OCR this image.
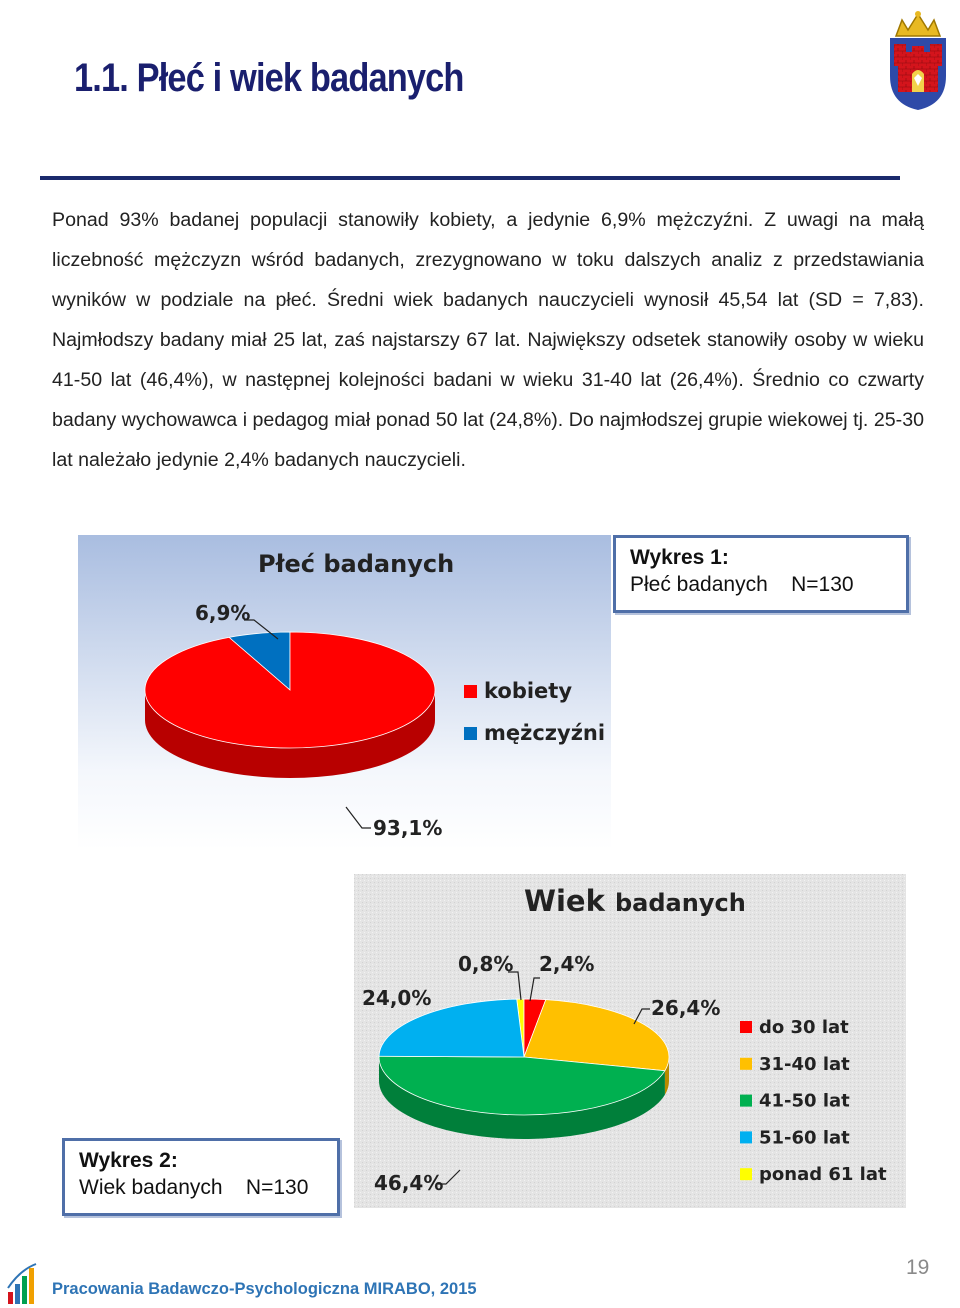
1.1. Płeć i wiek badanych
Ponad 93% badanej populacji stanowiły kobiety, a jedynie 6,9% mężczyźni. Z uwagi na małą liczebność mężczyzn wśród badanych, zrezygnowano w toku dalszych analiz z przedstawiania wyników w podziale na płeć. Średni wiek badanych nauczycieli wynosił 45,54 lat (SD = 7,83). Najmłodszy badany miał 25 lat, zaś najstarszy 67 lat. Największy odsetek stanowiły osoby w wieku 41-50 lat (46,4%), w następnej kolejności badani w wieku 31-40 lat (26,4%). Średnio co czwarty badany wychowawca i pedagog miał ponad 50 lat (24,8%). Do najmłodszej grupie wiekowej tj. 25-30 lat należało jedynie 2,4% badanych nauczycieli.
Płeć badanych
6,9%
93,1%
kobiety
mężczyźni
Wykres 1:
Płeć badanych    N=130
Wiek badanych
0,8% 2,4%
24,0%	26,4%
46,4%
do 30 lat
31-40 lat
41-50 lat
51-60 lat
ponad 61 lat
Wykres 2:
Wiek badanych    N=130
Pracowania Badawczo-Psychologiczna MIRABO, 2015
19
